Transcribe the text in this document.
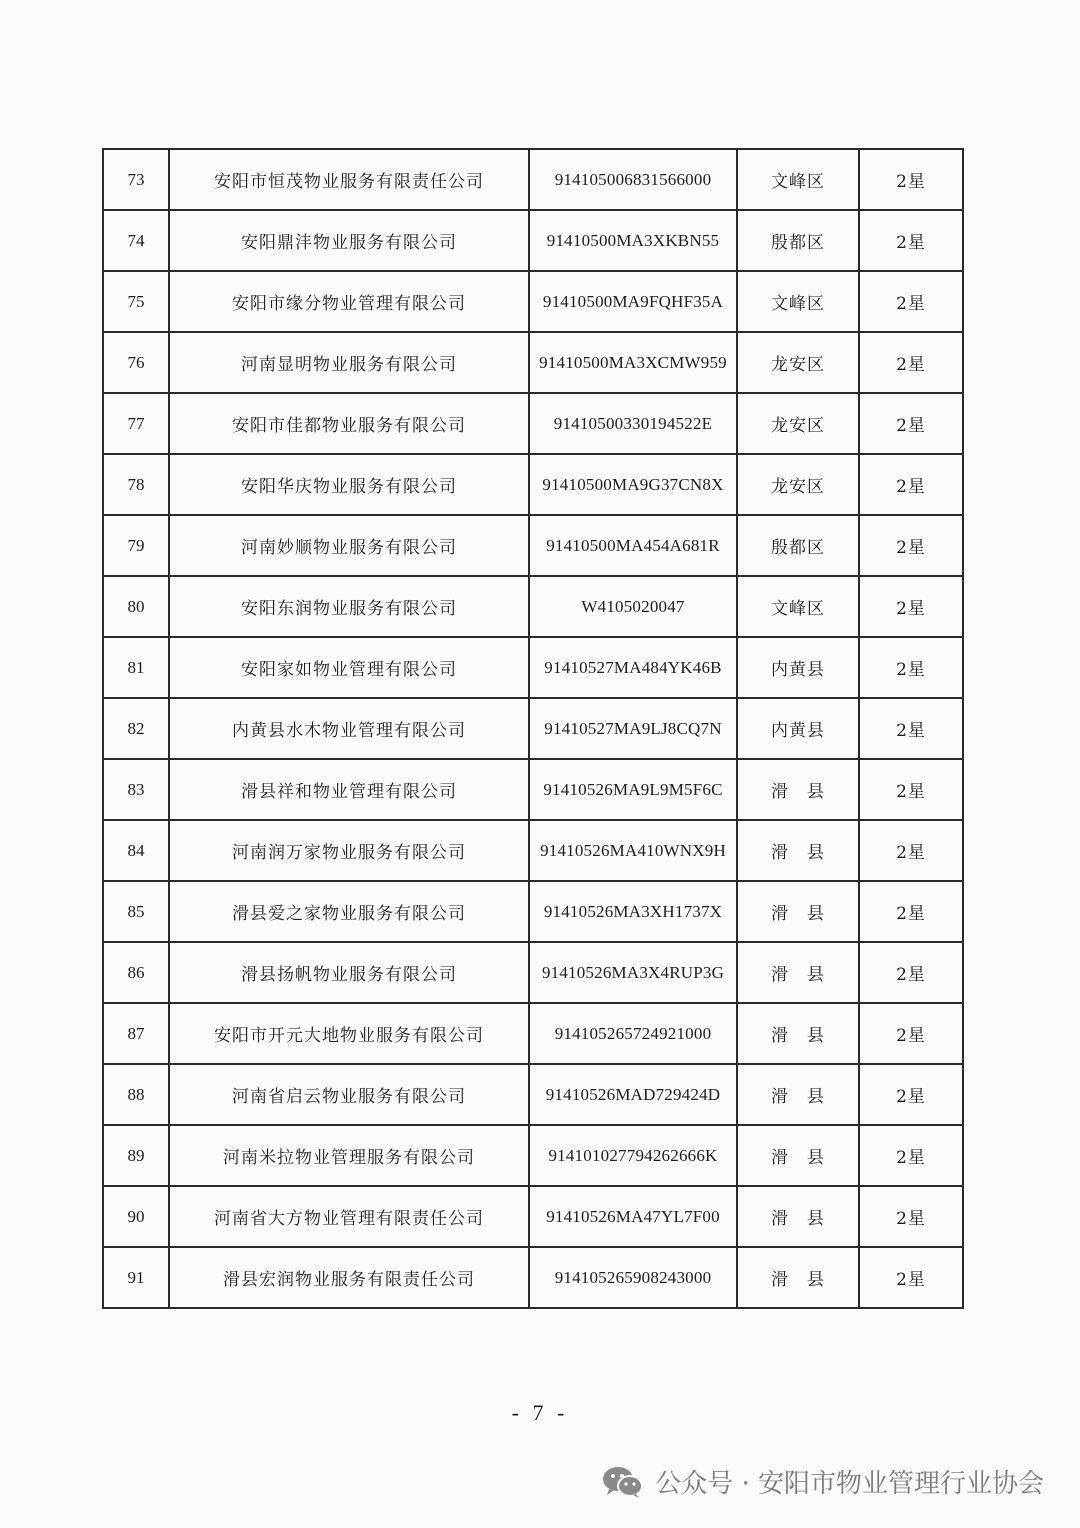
73	安阳市恒茂物业服务有限责任公司	914105006831566000	文峰区	2星
74	安阳鼎沣物业服务有限公司	91410500MA3XKBN55	殷都区	2星
75	安阳市缘分物业管理有限公司	91410500MA9FQHF35A	文峰区	2星
76	河南显明物业服务有限公司	91410500MA3XCMW959	龙安区	2星
77	安阳市佳都物业服务有限公司	91410500330194522E	龙安区	2星
78	安阳华庆物业服务有限公司	91410500MA9G37CN8X	龙安区	2星
79	河南妙顺物业服务有限公司	91410500MA454A681R	殷都区	2星
80	安阳东润物业服务有限公司	W4105020047	文峰区	2星
81	安阳家如物业管理有限公司	91410527MA484YK46B	内黄县	2星
82	内黄县水木物业管理有限公司	91410527MA9LJ8CQ7N	内黄县	2星
83	滑县祥和物业管理有限公司	91410526MA9L9M5F6C	滑　县	2星
84	河南润万家物业服务有限公司	91410526MA410WNX9H	滑　县	2星
85	滑县爱之家物业服务有限公司	91410526MA3XH1737X	滑　县	2星
86	滑县扬帆物业服务有限公司	91410526MA3X4RUP3G	滑　县	2星
87	安阳市开元大地物业服务有限公司	914105265724921000	滑　县	2星
88	河南省启云物业服务有限公司	91410526MAD729424D	滑　县	2星
89	河南米拉物业管理服务有限公司	914101027794262666K	滑　县	2星
90	河南省大方物业管理有限责任公司	91410526MA47YL7F00	滑　县	2星
91	滑县宏润物业服务有限责任公司	914105265908243000	滑　县	2星
- 7 -
公众号 · 安阳市物业管理行业协会
